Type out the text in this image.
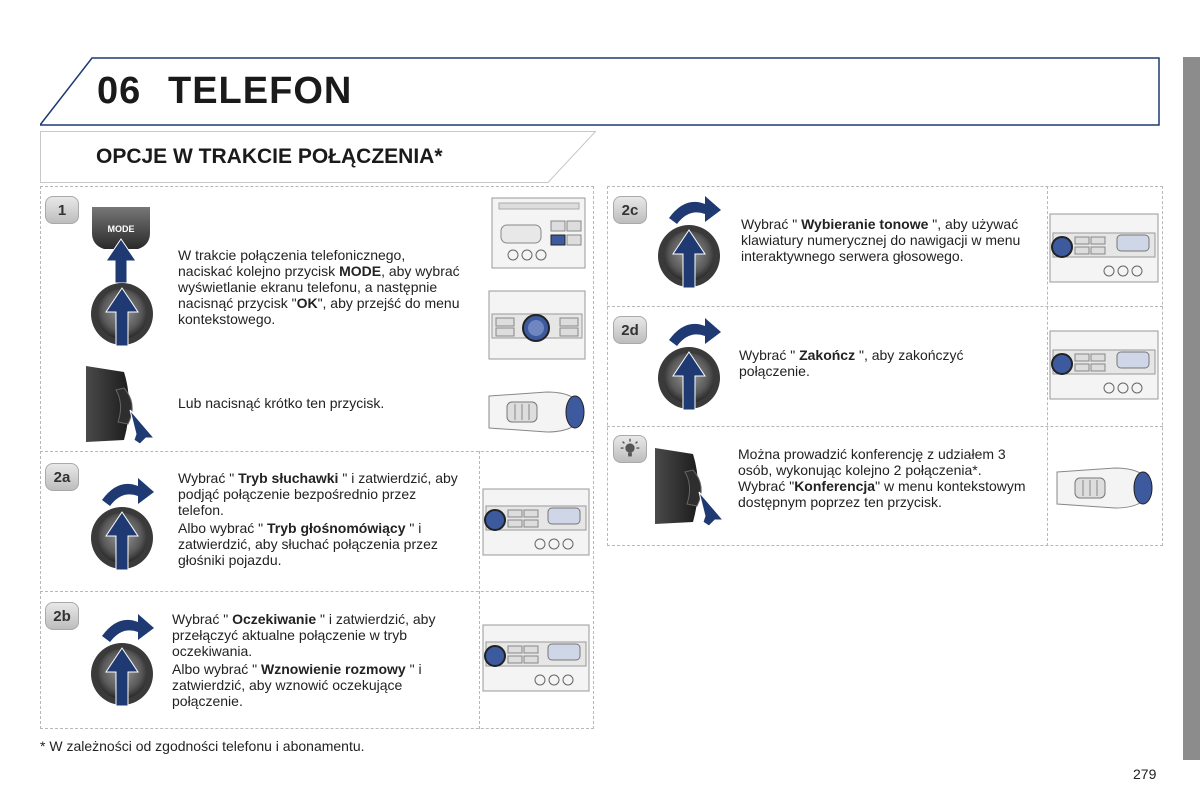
06 TELEFON
OPCJE W TRAKCIE POŁĄCZENIA*
1
MODE

W trakcie połączenia telefonicznego, naciskać kolejno przycisk MODE, aby wybrać wyświetlanie ekranu telefonu, a następnie nacisnąć przycisk "OK", aby przejść do menu kontekstowego.

Lub nacisnąć krótko ten przycisk.
2a	Wybrać " Tryb słuchawki " i zatwierdzić, aby podjąć połączenie bezpośrednio przez telefon.

Albo wybrać " Tryb głośnomówiący " i zatwierdzić, aby słuchać połączenia przez głośniki pojazdu.

2b	Wybrać " Oczekiwanie " i zatwierdzić, aby przełączyć aktualne połączenie w tryb oczekiwania.

Albo wybrać " Wznowienie rozmowy " i zatwierdzić, aby wznowić oczekujące połączenie.

2c

Wybrać " Wybieranie tonowe ", aby używać klawiatury numerycznej do nawigacji w menu interaktywnego serwera głosowego.

2d

Wybrać " Zakończ ", aby zakończyć połączenie.

Można prowadzić konferencję z udziałem 3 osób, wykonując kolejno 2 połączenia*. Wybrać "Konferencja" w menu kontekstowym dostępnym poprzez ten przycisk.

* W zależności od zgodności telefonu i abonamentu.
279
